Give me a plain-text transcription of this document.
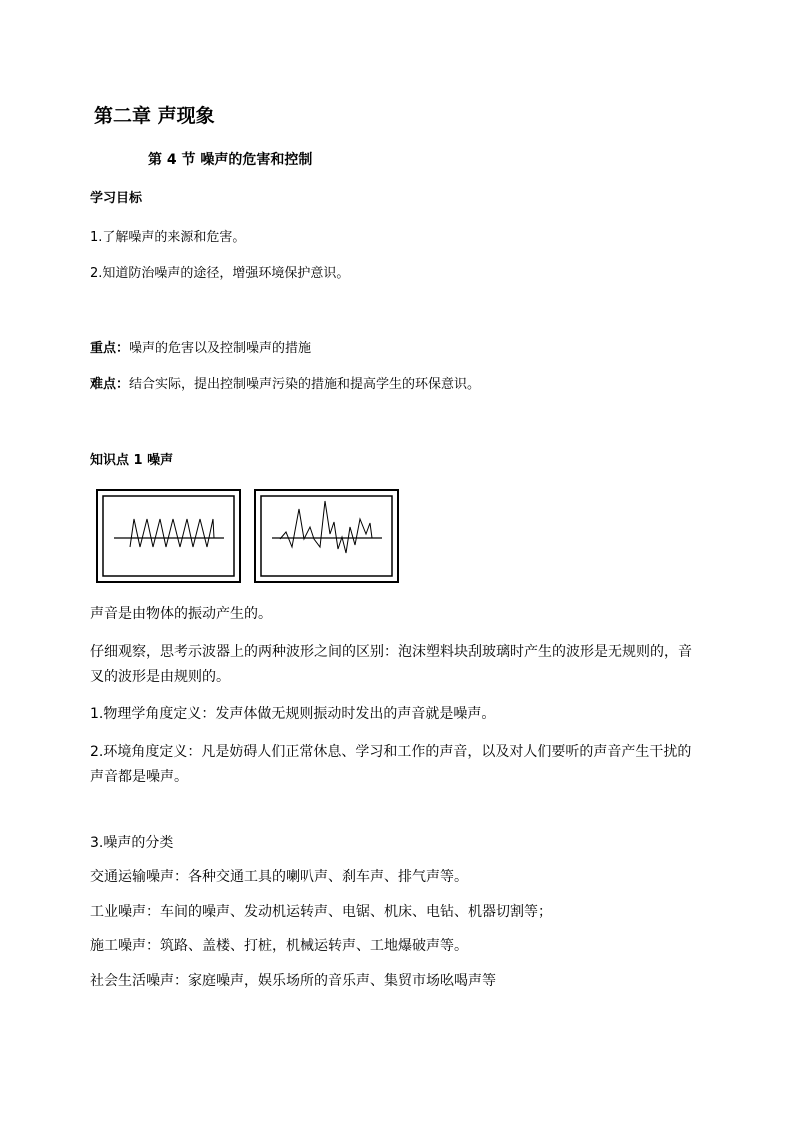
第二章 声现象
第 4 节 噪声的危害和控制
学习目标
1.了解噪声的来源和危害。
2.知道防治噪声的途径，增强环境保护意识。
重点：噪声的危害以及控制噪声的措施
难点：结合实际，提出控制噪声污染的措施和提高学生的环保意识。
知识点 1 噪声
声音是由物体的振动产生的。
仔细观察，思考示波器上的两种波形之间的区别：泡沫塑料块刮玻璃时产生的波形是无规则的，音叉的波形是由规则的。
1.物理学角度定义：发声体做无规则振动时发出的声音就是噪声。
2.环境角度定义：凡是妨碍人们正常休息、学习和工作的声音，以及对人们要听的声音产生干扰的声音都是噪声。
3.噪声的分类
交通运输噪声：各种交通工具的喇叭声、刹车声、排气声等。
工业噪声：车间的噪声、发动机运转声、电锯、机床、电钻、机器切割等；
施工噪声：筑路、盖楼、打桩，机械运转声、工地爆破声等。
社会生活噪声：家庭噪声，娱乐场所的音乐声、集贸市场吆喝声等
